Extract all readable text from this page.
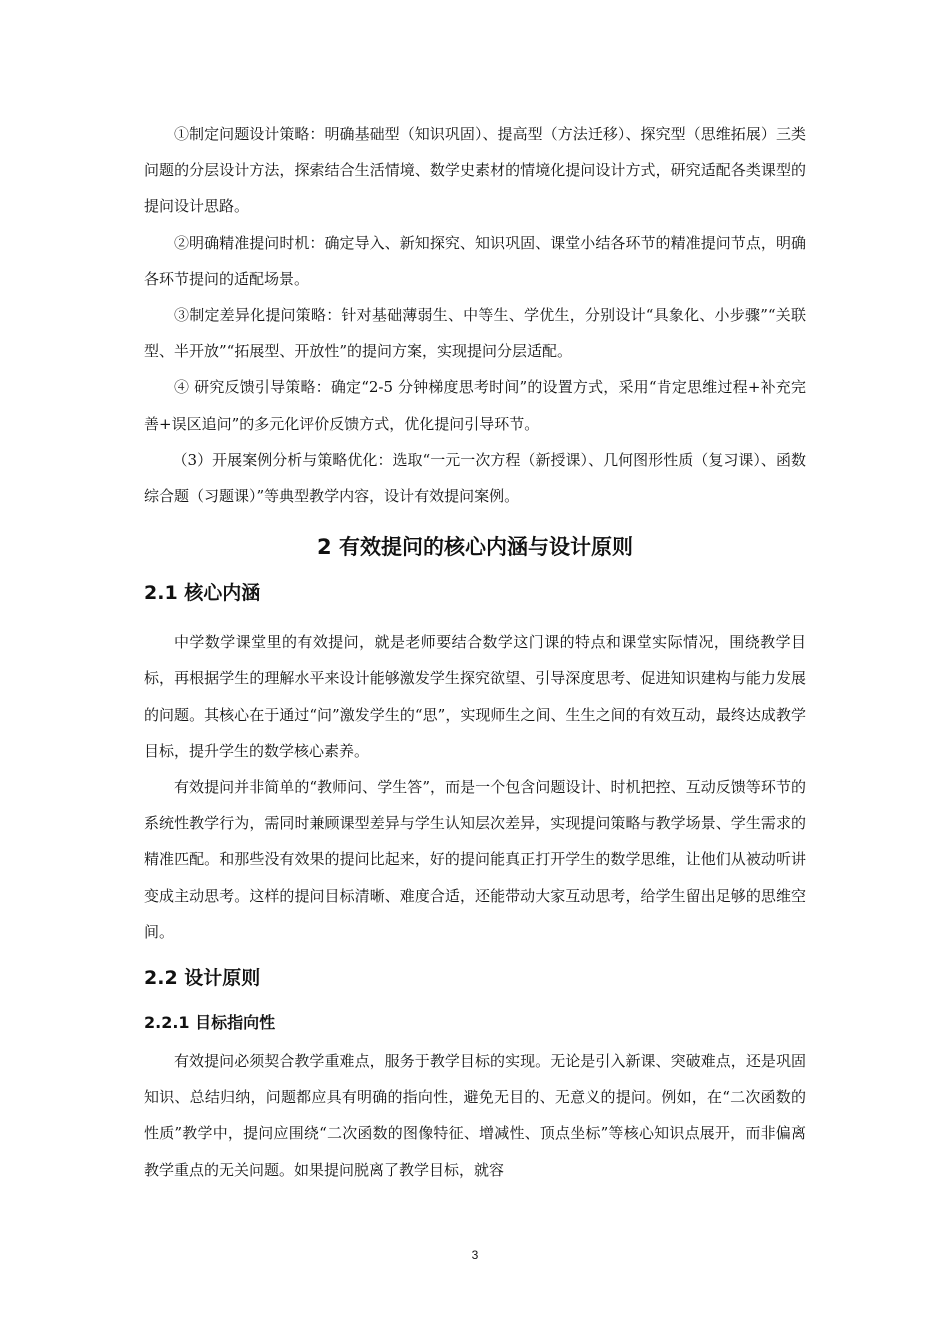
①制定问题设计策略：明确基础型（知识巩固）、提高型（方法迁移）、探究型（思维拓展）三类问题的分层设计方法，探索结合生活情境、数学史素材的情境化提问设计方式，研究适配各类课型的提问设计思路。

②明确精准提问时机：确定导入、新知探究、知识巩固、课堂小结各环节的精准提问节点，明确各环节提问的适配场景。

③制定差异化提问策略：针对基础薄弱生、中等生、学优生，分别设计“具象化、小步骤”“关联型、半开放”“拓展型、开放性”的提问方案，实现提问分层适配。

④ 研究反馈引导策略：确定“2-5 分钟梯度思考时间”的设置方式，采用“肯定思维过程+补充完善+误区追问”的多元化评价反馈方式，优化提问引导环节。

（3）开展案例分析与策略优化：选取“一元一次方程（新授课）、几何图形性质（复习课）、函数综合题（习题课）”等典型教学内容，设计有效提问案例。

2 有效提问的核心内涵与设计原则
2.1 核心内涵

中学数学课堂里的有效提问，就是老师要结合数学这门课的特点和课堂实际情况，围绕教学目标，再根据学生的理解水平来设计能够激发学生探究欲望、引导深度思考、促进知识建构与能力发展的问题。其核心在于通过“问”激发学生的“思”，实现师生之间、生生之间的有效互动，最终达成教学目标，提升学生的数学核心素养。

有效提问并非简单的“教师问、学生答”，而是一个包含问题设计、时机把控、互动反馈等环节的系统性教学行为，需同时兼顾课型差异与学生认知层次差异，实现提问策略与教学场景、学生需求的精准匹配。和那些没有效果的提问比起来，好的提问能真正打开学生的数学思维，让他们从被动听讲变成主动思考。这样的提问目标清晰、难度合适，还能带动大家互动思考，给学生留出足够的思维空间。

2.2 设计原则
2.2.1 目标指向性

有效提问必须契合教学重难点，服务于教学目标的实现。无论是引入新课、突破难点，还是巩固知识、总结归纳，问题都应具有明确的指向性，避免无目的、无意义的提问。例如，在“二次函数的性质”教学中，提问应围绕“二次函数的图像特征、增减性、顶点坐标”等核心知识点展开，而非偏离教学重点的无关问题。如果提问脱离了教学目标，就容

3
